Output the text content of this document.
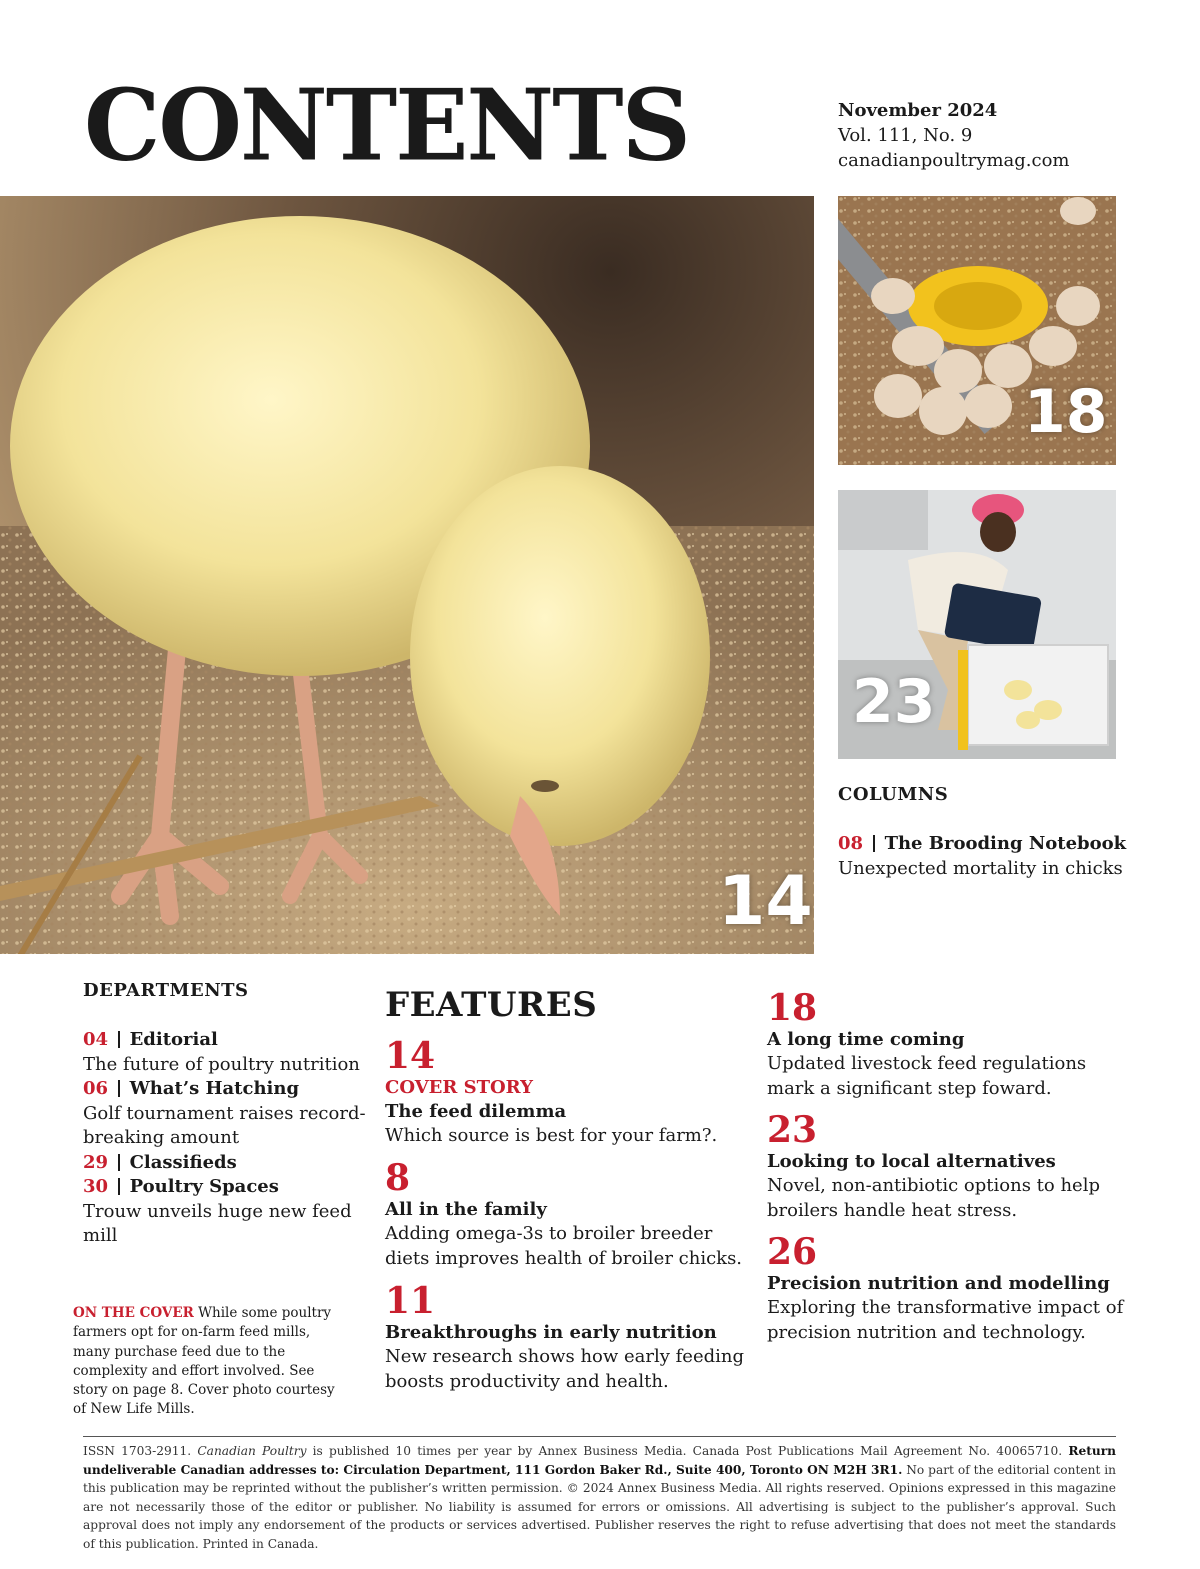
CONTENTS	November 2024
Vol. 111, No. 9
canadianpoultrymag.com
14
18
23
COLUMNS
08 The Brooding Notebook
Unexpected mortality in chicks
DEPARTMENTS
04 Editorial
The future of poultry nutrition
06 What’s Hatching
Golf tournament raises record-
breaking amount
29 Classifieds
30 Poultry Spaces
Trouw unveils huge new feed mill
ON THE COVER While some poultry farmers opt for on-farm feed mills, many purchase feed due to the complexity and effort involved. See story on page 8. Cover photo courtesy of New Life Mills.
FEATURES
14
COVER STORY
The feed dilemma
Which source is best for your farm?.
8
All in the family
Adding omega-3s to broiler breeder
diets improves health of broiler chicks.
11
Breakthroughs in early nutrition
New research shows how early feeding
boosts productivity and health.
18
A long time coming
Updated livestock feed regulations
mark a significant step foward.
23
Looking to local alternatives
Novel, non-antibiotic options to help
broilers handle heat stress.
26
Precision nutrition and modelling
Exploring the transformative impact of
precision nutrition and technology.
ISSN 1703-2911. Canadian Poultry is published 10 times per year by Annex Business Media. Canada Post Publications Mail Agreement No. 40065710. Return undeliverable Canadian addresses to: Circulation Department, 111 Gordon Baker Rd., Suite 400, Toronto ON M2H 3R1. No part of the editorial content in this publication may be reprinted without the publisher’s written permission. © 2024 Annex Business Media. All rights reserved. Opinions expressed in this magazine are not necessarily those of the editor or publisher. No liability is assumed for errors or omissions. All advertising is subject to the publisher’s approval. Such approval does not imply any endorsement of the products or services advertised. Publisher reserves the right to refuse advertising that does not meet the standards of this publication. Printed in Canada.
